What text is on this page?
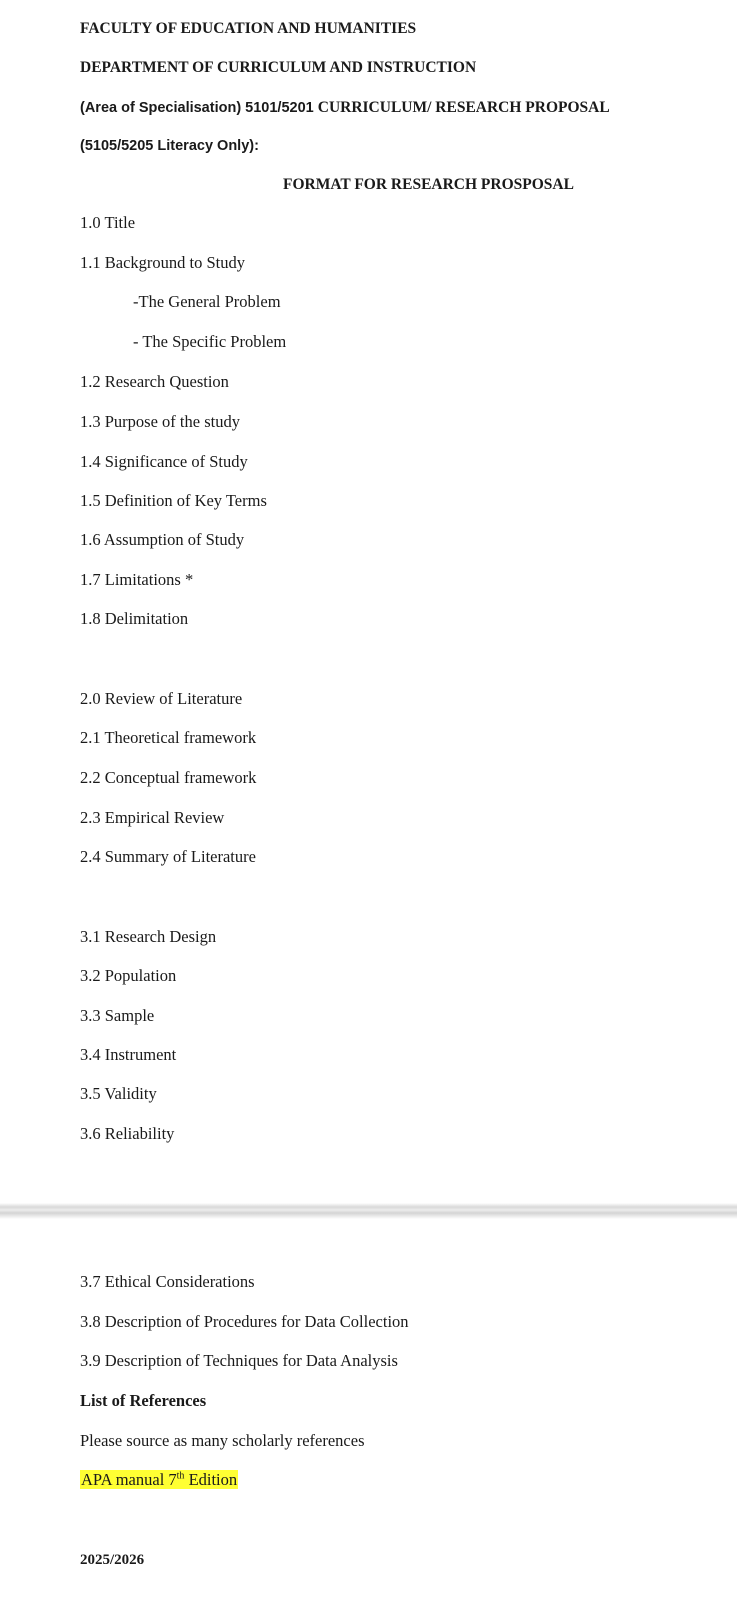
FACULTY OF EDUCATION AND HUMANITIES
DEPARTMENT OF CURRICULUM AND INSTRUCTION
(Area of Specialisation) 5101/5201 CURRICULUM/ RESEARCH PROPOSAL
(5105/5205 Literacy Only):
FORMAT FOR RESEARCH PROSPOSAL
1.0 Title
1.1 Background to Study
-The General Problem
- The Specific Problem
1.2 Research Question
1.3 Purpose of the study
1.4 Significance of Study
1.5 Definition of Key Terms
1.6 Assumption of Study
1.7 Limitations *
1.8 Delimitation
2.0 Review of Literature
2.1 Theoretical framework
2.2 Conceptual framework
2.3 Empirical Review
2.4 Summary of Literature
3.1 Research Design
3.2 Population
3.3 Sample
3.4 Instrument
3.5 Validity
3.6 Reliability
3.7 Ethical Considerations
3.8 Description of Procedures for Data Collection
3.9 Description of Techniques for Data Analysis
List of References
Please source as many scholarly references
APA manual 7th Edition
2025/2026
